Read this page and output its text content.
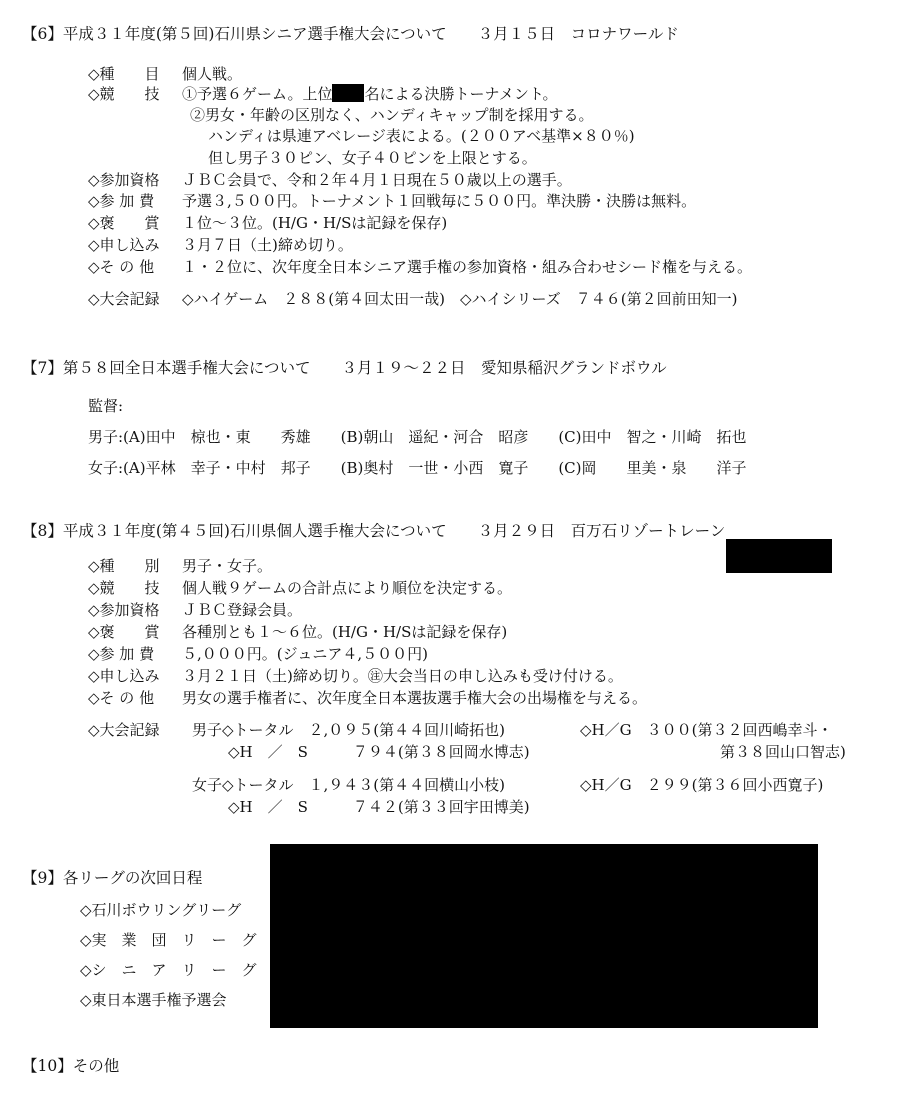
【6】平成３１年度(第５回)石川県シニア選手権大会について　　３月１５日　コロナワールド
◇種　　目 個人戦。
◇競　　技 ①予選６ゲーム。上位 名による決勝トーナメント。
②男女・年齢の区別なく、ハンディキャップ制を採用する。
ハンディは県連アベレージ表による。(２００アベ基準×８０％)
但し男子３０ピン、女子４０ピンを上限とする。
◇参加資格 ＪＢＣ会員で、令和２年４月１日現在５０歳以上の選手。
◇参 加 費 予選３,５００円。トーナメント１回戦毎に５００円。準決勝・決勝は無料。
◇褒　　賞 １位～３位。(H/G・H/Sは記録を保存)
◇申し込み ３月７日（土)締め切り。
◇そ の 他 １・２位に、次年度全日本シニア選手権の参加資格・組み合わせシード権を与える。
◇大会記録 ◇ハイゲーム　２８８(第４回太田一哉)　◇ハイシリーズ　７４６(第２回前田知一)
【7】第５８回全日本選手権大会について　　３月１９～２２日　愛知県稲沢グランドボウル
監督:
男子:(A)田中　椋也・東　　秀雄　　(B)朝山　遥紀・河合　昭彦　　(C)田中　智之・川崎　拓也
女子:(A)平林　幸子・中村　邦子　　(B)奥村　一世・小西　寛子　　(C)岡　　里美・泉　　洋子
【8】平成３１年度(第４５回)石川県個人選手権大会について　　３月２９日　百万石リゾートレーン
◇種　　別 男子・女子。
◇競　　技 個人戦９ゲームの合計点により順位を決定する。
◇参加資格 ＪＢＣ登録会員。
◇褒　　賞 各種別とも１～６位。(H/G・H/Sは記録を保存)
◇参 加 費 ５,０００円。(ジュニア４,５００円)
◇申し込み ３月２１日（土)締め切り。㊟大会当日の申し込みも受け付ける。
◇そ の 他 男女の選手権者に、次年度全日本選抜選手権大会の出場権を与える。
◇大会記録 男子◇トータル　２,０９５(第４４回川崎拓也)	◇H／G　３００(第３２回西嶋幸斗・
◇H　／　S　　　７９４(第３８回岡水博志)	第３８回山口智志)
女子◇トータル　１,９４３(第４４回横山小枝)	◇H／G　２９９(第３６回小西寛子)
◇H　／　S　　　７４２(第３３回宇田博美)
【9】各リーグの次回日程
◇石川ボウリングリーグ
◇実　業　団　リ　ー　グ
◇シ　ニ　ア　リ　ー　グ
◇東日本選手権予選会
【10】その他
